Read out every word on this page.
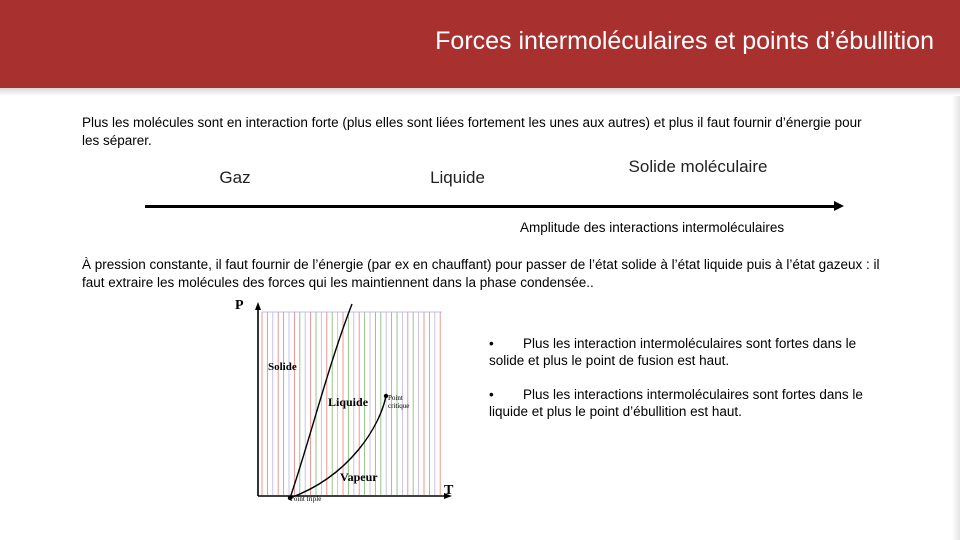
Forces intermoléculaires et points d’ébullition
Plus les molécules sont en interaction forte (plus elles sont liées fortement les unes aux autres) et plus il faut fournir d’énergie pour les séparer.
Gaz	Liquide
Solide moléculaire
Amplitude des interactions intermoléculaires
À pression constante, il faut fournir de l’énergie (par ex en chauffant) pour passer de l’état solide à l’état liquide puis à l’état gazeux : il faut extraire les molécules des forces qui les maintiennent dans la phase condensée..
P
T
Solide
Liquide
Vapeur
Point critique
Point triple
• Plus les interaction intermoléculaires sont fortes dans le solide et plus le point de fusion est haut.
• Plus les interactions intermoléculaires sont fortes dans le liquide et plus le point d’ébullition est haut.
